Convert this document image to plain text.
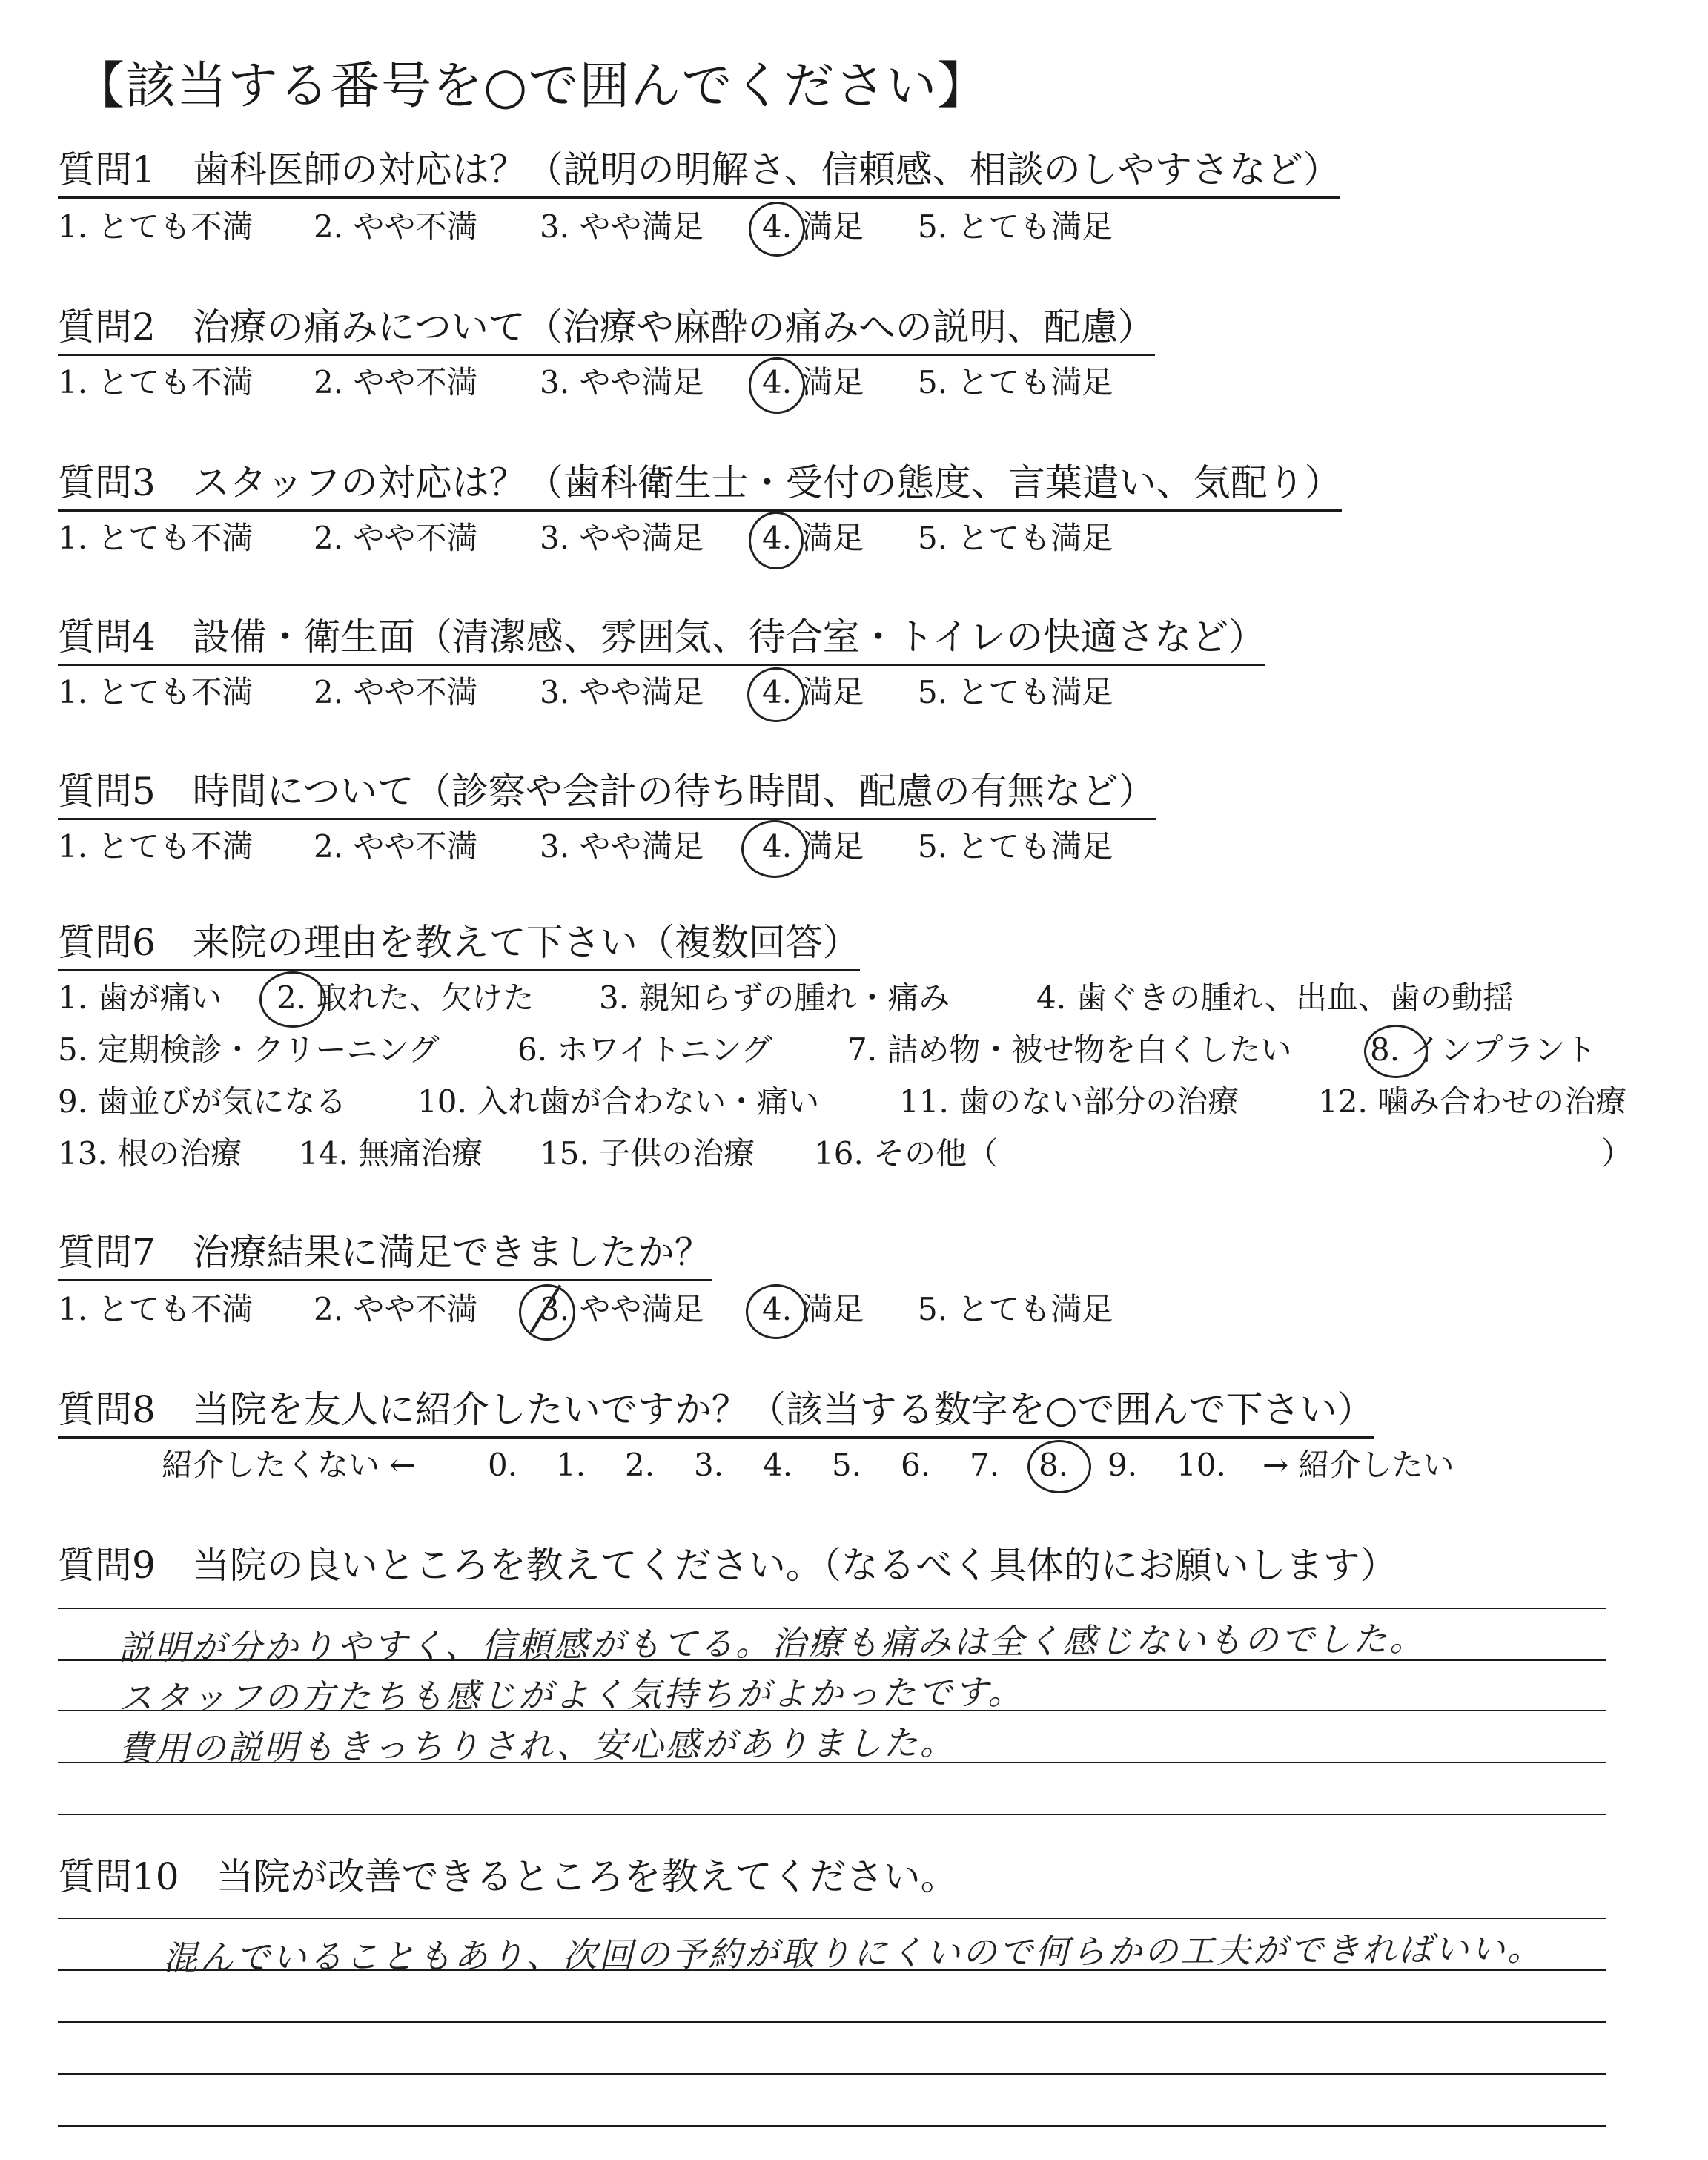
【該当する番号を○で囲んでください】
質問1　歯科医師の対応は？（説明の明解さ、信頼感、相談のしやすさなど）
1. とても不満 2. やや不満 3. やや満足 4. 満足 5. とても満足
質問2　治療の痛みについて（治療や麻酔の痛みへの説明、配慮）
1. とても不満 2. やや不満 3. やや満足 4. 満足 5. とても満足
質問3　スタッフの対応は？（歯科衛生士・受付の態度、言葉遣い、気配り）
1. とても不満 2. やや不満 3. やや満足 4. 満足 5. とても満足
質問4　設備・衛生面（清潔感、雰囲気、待合室・トイレの快適さなど）
1. とても不満 2. やや不満 3. やや満足 4. 満足 5. とても満足
質問5　時間について（診察や会計の待ち時間、配慮の有無など）
1. とても不満 2. やや不満 3. やや満足 4. 満足 5. とても満足
質問6　来院の理由を教えて下さい（複数回答）
1. 歯が痛い 2. 取れた、欠けた 3. 親知らずの腫れ・痛み	4. 歯ぐきの腫れ、出血、歯の動揺
5. 定期検診・クリーニング	6. ホワイトニング 7. 詰め物・被せ物を白くしたい	8. インプラント
9. 歯並びが気になる 10. 入れ歯が合わない・痛い	11. 歯のない部分の治療	12. 噛み合わせの治療
13. 根の治療 14. 無痛治療 15. 子供の治療 16. その他（	）
質問7　治療結果に満足できましたか？
1. とても不満 2. やや不満 3. やや満足 4. 満足 5. とても満足
質問8　当院を友人に紹介したいですか？（該当する数字を○で囲んで下さい）
紹介したくない ← 0. 1. 2. 3. 4. 5. 6. 7. 8. 9. 10. → 紹介したい
質問9　当院の良いところを教えてください。（なるべく具体的にお願いします）
説明が分かりやすく、信頼感がもてる。治療も痛みは全く感じないものでした。
スタッフの方たちも感じがよく気持ちがよかったです。
費用の説明もきっちりされ、安心感がありました。
質問10　当院が改善できるところを教えてください。
混んでいることもあり、次回の予約が取りにくいので何らかの工夫ができればいい。
